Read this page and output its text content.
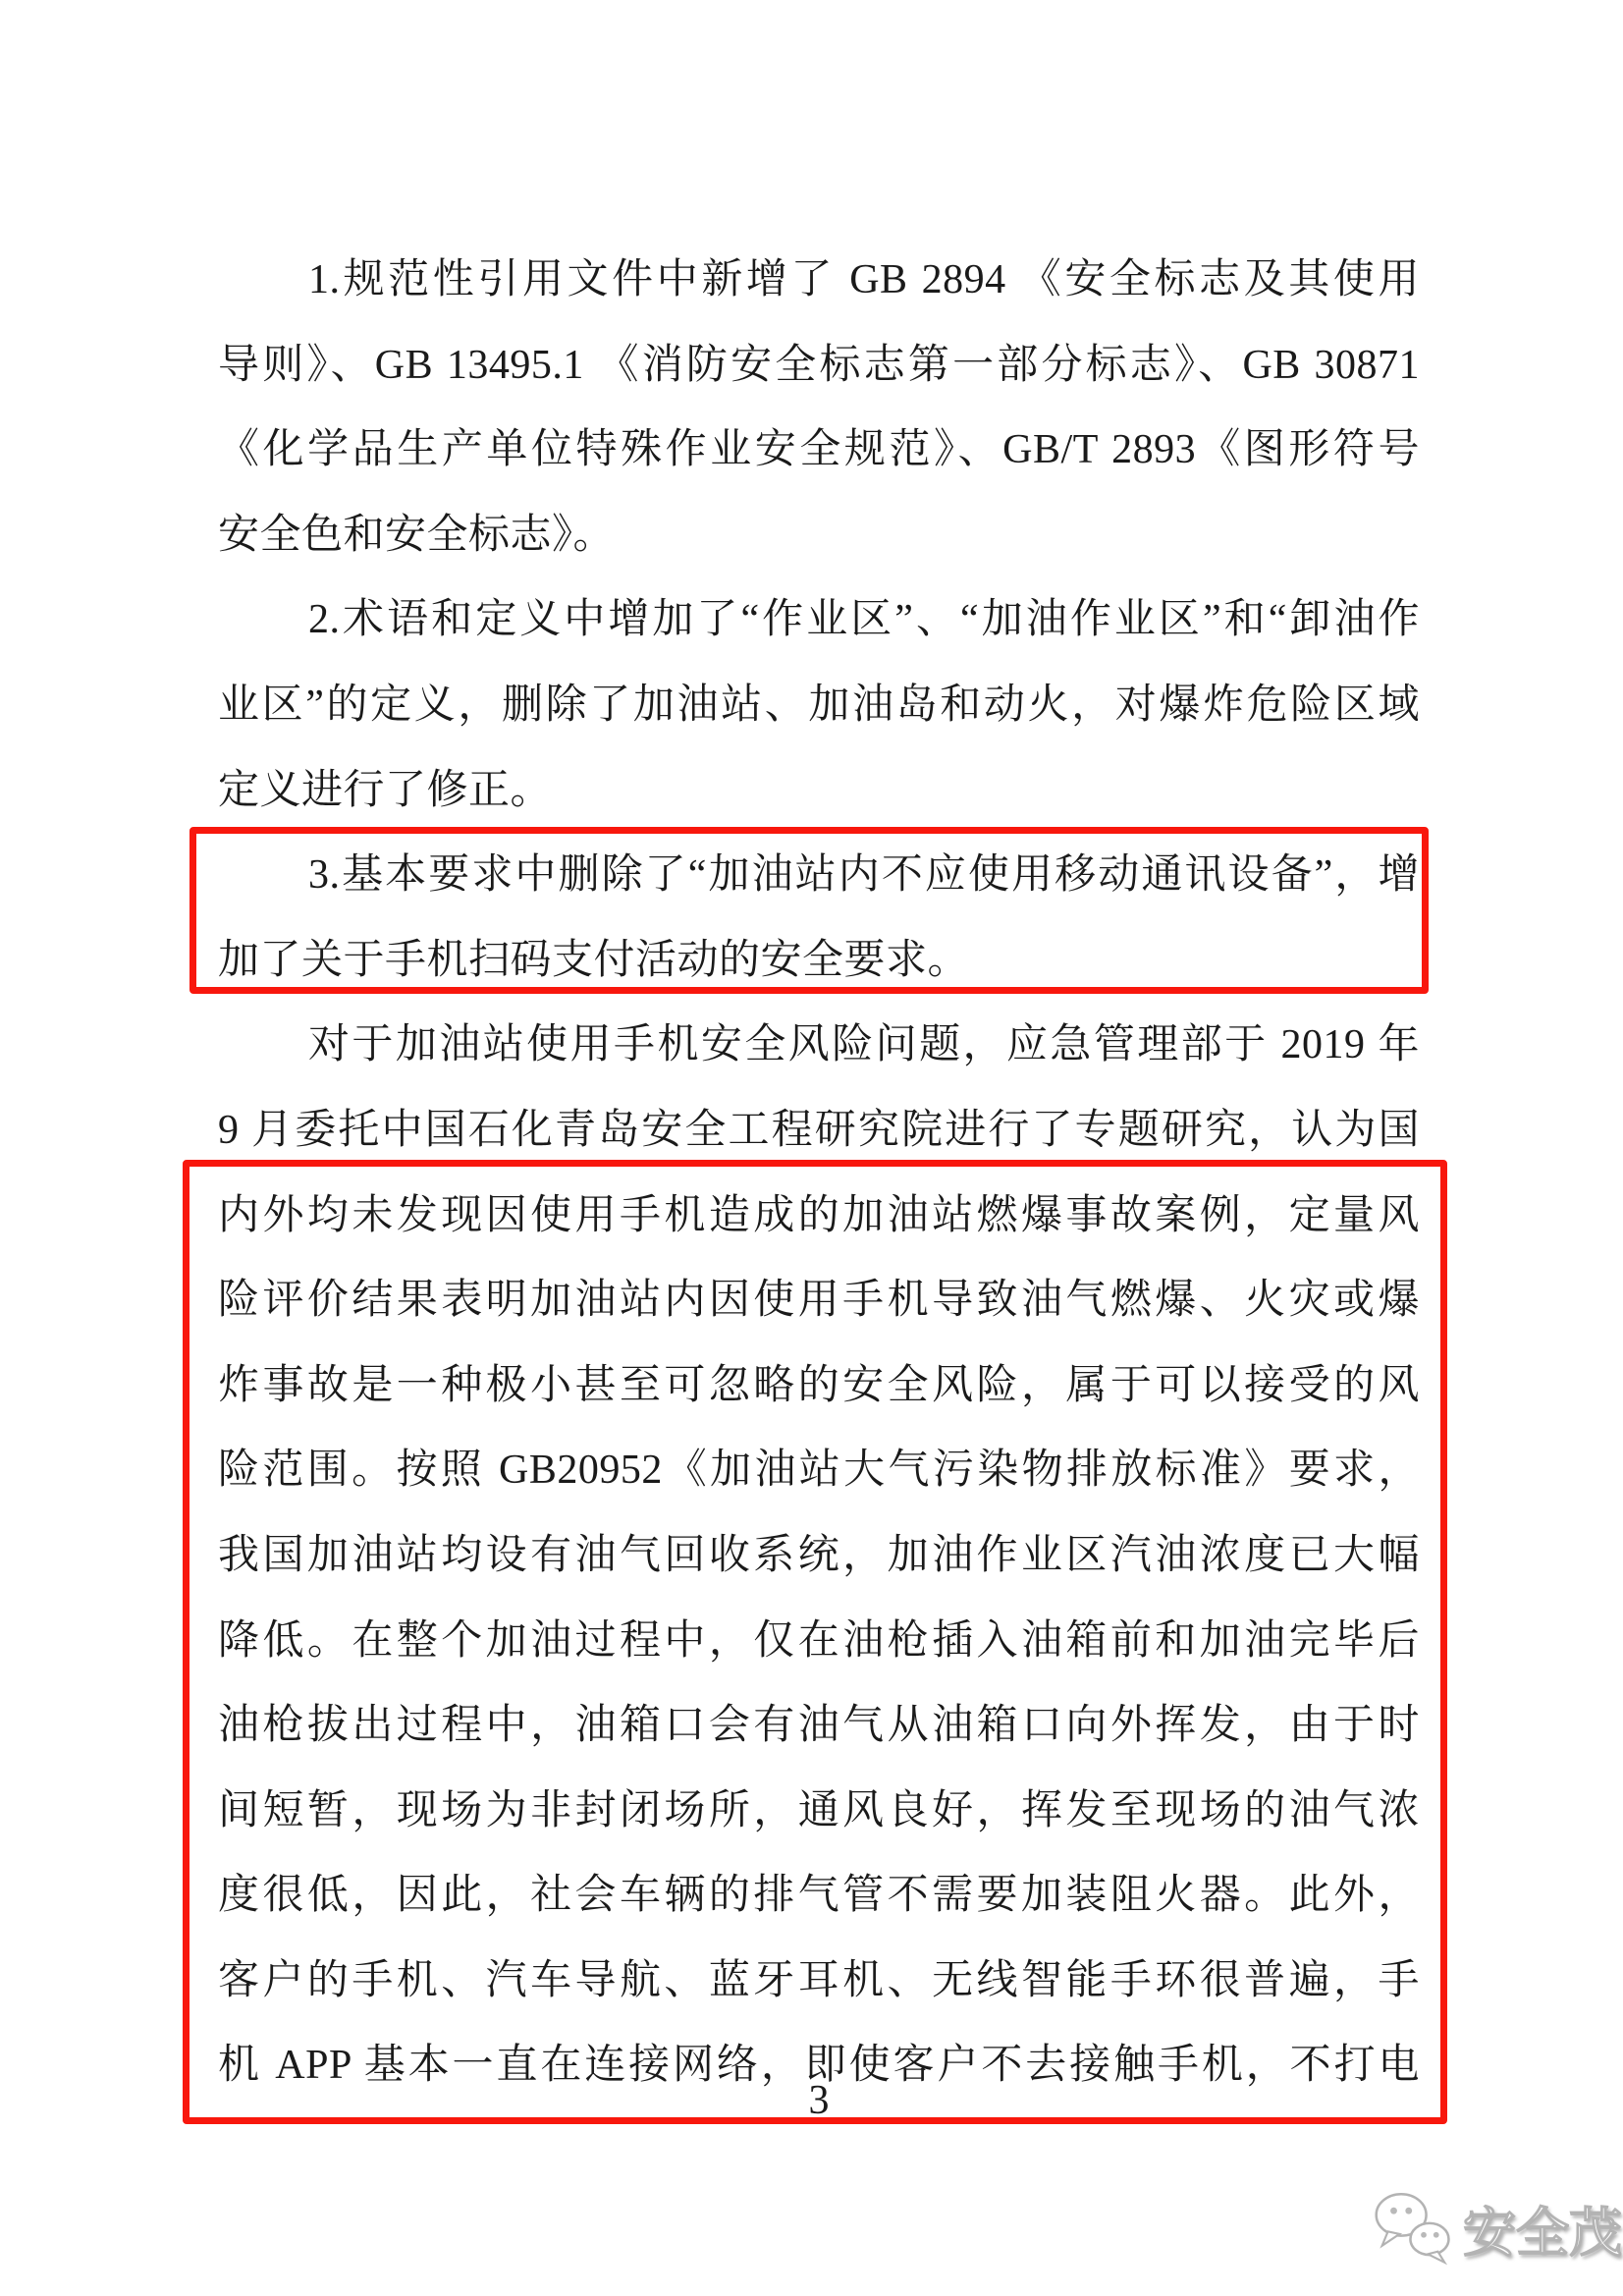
1.规范性引用文件中新增了 GB 2894 《安全标志及其使用
导则》、GB 13495.1 《消防安全标志第一部分标志》、GB 30871
《化学品生产单位特殊作业安全规范》、GB/T 2893《图形符号
安全色和安全标志》。
2.术语和定义中增加了“作业区”、“加油作业区”和“卸油作
业区”的定义，删除了加油站、加油岛和动火，对爆炸危险区域
定义进行了修正。
3.基本要求中删除了“加油站内不应使用移动通讯设备”，增
加了关于手机扫码支付活动的安全要求。
对于加油站使用手机安全风险问题，应急管理部于 2019 年
9 月委托中国石化青岛安全工程研究院进行了专题研究，认为国
内外均未发现因使用手机造成的加油站燃爆事故案例，定量风
险评价结果表明加油站内因使用手机导致油气燃爆、火灾或爆
炸事故是一种极小甚至可忽略的安全风险，属于可以接受的风
险范围。按照 GB20952《加油站大气污染物排放标准》要求，
我国加油站均设有油气回收系统，加油作业区汽油浓度已大幅
降低。在整个加油过程中，仅在油枪插入油箱前和加油完毕后
油枪拔出过程中，油箱口会有油气从油箱口向外挥发，由于时
间短暂，现场为非封闭场所，通风良好，挥发至现场的油气浓
度很低，因此，社会车辆的排气管不需要加装阻火器。此外，
客户的手机、汽车导航、蓝牙耳机、无线智能手环很普遍，手
机 APP 基本一直在连接网络，即使客户不去接触手机，不打电
3
安全茂
